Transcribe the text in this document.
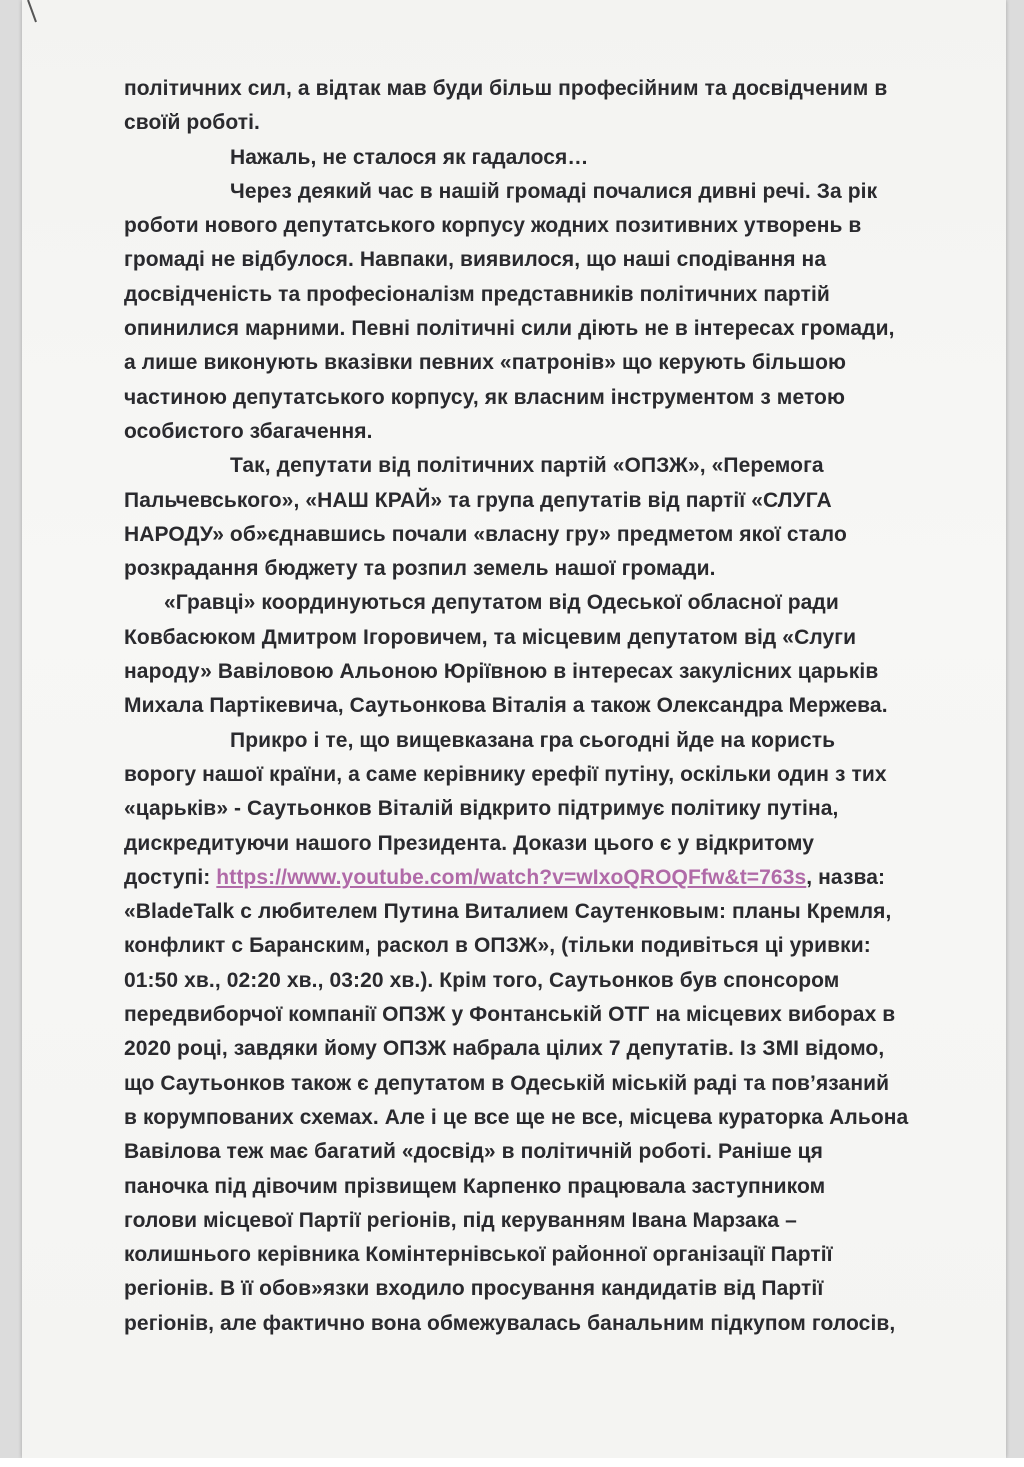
політичних сил, а відтак мав буди більш професійним та досвідченим в
своїй роботі.
Нажаль, не сталося як гадалося…
Через деякий час в нашій громаді почалися дивні речі. За рік
роботи нового депутатського корпусу жодних позитивних утворень в
громаді не відбулося. Навпаки, виявилося, що наші сподівання на
досвідченість та професіоналізм представників політичних партій
опинилися марними. Певні політичні сили діють не в інтересах громади,
а лише виконують вказівки певних «патронів» що керують більшою
частиною депутатського корпусу, як власним інструментом з метою
особистого збагачення.
Так, депутати від політичних партій «ОПЗЖ», «Перемога
Пальчевського», «НАШ КРАЙ» та група депутатів від партії «СЛУГА
НАРОДУ» об»єднавшись почали «власну гру» предметом якої стало
розкрадання бюджету та розпил земель нашої громади.
«Гравці» координуються депутатом від Одеської обласної ради
Ковбасюком Дмитром Ігоровичем, та місцевим депутатом від «Слуги
народу» Вавіловою Альоною Юріївною в інтересах закулісних царьків
Михала Партікевича, Саутьонкова Віталія а також Олександра Мержева.
Прикро і те, що вищевказана гра сьогодні йде на користь
ворогу нашої країни, а саме керівнику ерефії путіну, оскільки один з тих
«царьків» - Саутьонков Віталій відкрито підтримує політику путіна,
дискредитуючи нашого Президента. Докази цього є у відкритому
доступі: https://www.youtube.com/watch?v=wIxoQROQFfw&t=763s, назва:
«BladeTalk с любителем Путина Виталием Саутенковым: планы Кремля,
конфликт с Баранским, раскол в ОПЗЖ», (тільки подивіться ці уривки:
01:50 хв., 02:20 хв., 03:20 хв.). Крім того, Саутьонков був спонсором
передвиборчої компанії ОПЗЖ у Фонтанській ОТГ на місцевих виборах в
2020 році, завдяки йому ОПЗЖ набрала цілих 7 депутатів. Із ЗМІ відомо,
що Саутьонков також є депутатом в Одеській міській раді та пов’язаний
в корумпованих схемах. Але і це все ще не все, місцева кураторка Альона
Вавілова теж має багатий «досвід» в політичній роботі. Раніше ця
паночка під дівочим прізвищем Карпенко працювала заступником
голови місцевої Партії регіонів, під керуванням Івана Марзака –
колишнього керівника Комінтернівської районної організації Партії
регіонів. В її обов»язки входило просування кандидатів від Партії
регіонів, але фактично вона обмежувалась банальним підкупом голосів,
